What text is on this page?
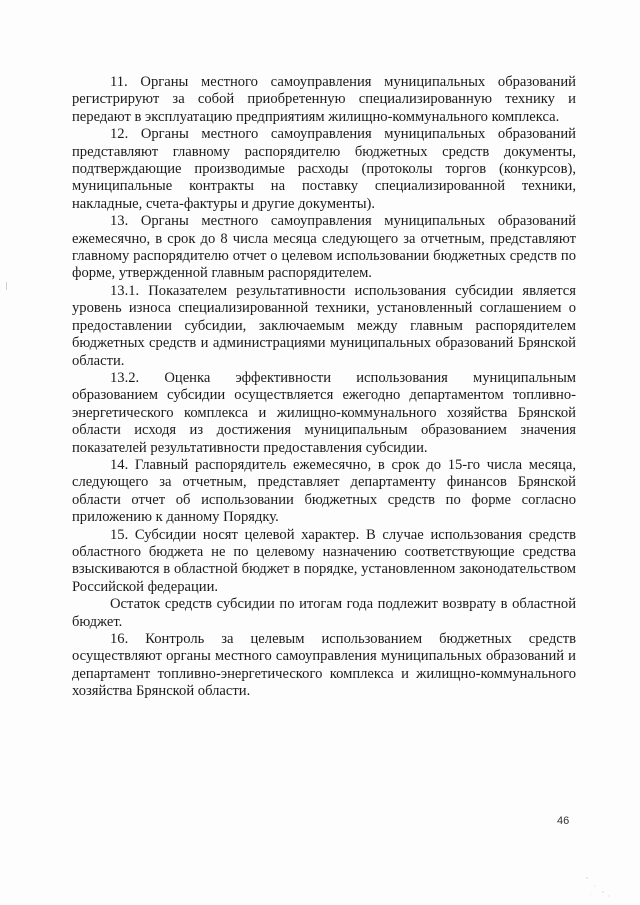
11. Органы местного самоуправления муниципальных образований регистрируют за собой приобретенную специализированную технику и передают в эксплуатацию предприятиям жилищно-коммунального комплекса.

12. Органы местного самоуправления муниципальных образований представляют главному распорядителю бюджетных средств документы, подтверждающие производимые расходы (протоколы торгов (конкурсов), муниципальные контракты на поставку специализированной техники, накладные, счета-фактуры и другие документы).

13. Органы местного самоуправления муниципальных образований ежемесячно, в срок до 8 числа месяца следующего за отчетным, представляют главному распорядителю отчет о целевом использовании бюджетных средств по форме, утвержденной главным распорядителем.

13.1. Показателем результативности использования субсидии является уровень износа специализированной техники, установленный соглашением о предоставлении субсидии, заключаемым между главным распорядителем бюджетных средств и администрациями муниципальных образований Брянской области.

13.2. Оценка эффективности использования муниципальным образованием субсидии осуществляется ежегодно департаментом топливно-энергетического комплекса и жилищно-коммунального хозяйства Брянской области исходя из достижения муниципальным образованием значения показателей результативности предоставления субсидии.

14. Главный распорядитель ежемесячно, в срок до 15-го числа месяца, следующего за отчетным, представляет департаменту финансов Брянской области отчет об использовании бюджетных средств по форме согласно приложению к данному Порядку.

15. Субсидии носят целевой характер. В случае использования средств областного бюджета не по целевому назначению соответствующие средства взыскиваются в областной бюджет в порядке, установленном законодательством Российской федерации.

Остаток средств субсидии по итогам года подлежит возврату в областной бюджет.

16. Контроль за целевым использованием бюджетных средств осуществляют органы местного самоуправления муниципальных образований и департамент топливно-энергетического комплекса и жилищно-коммунального хозяйства Брянской области.

46
